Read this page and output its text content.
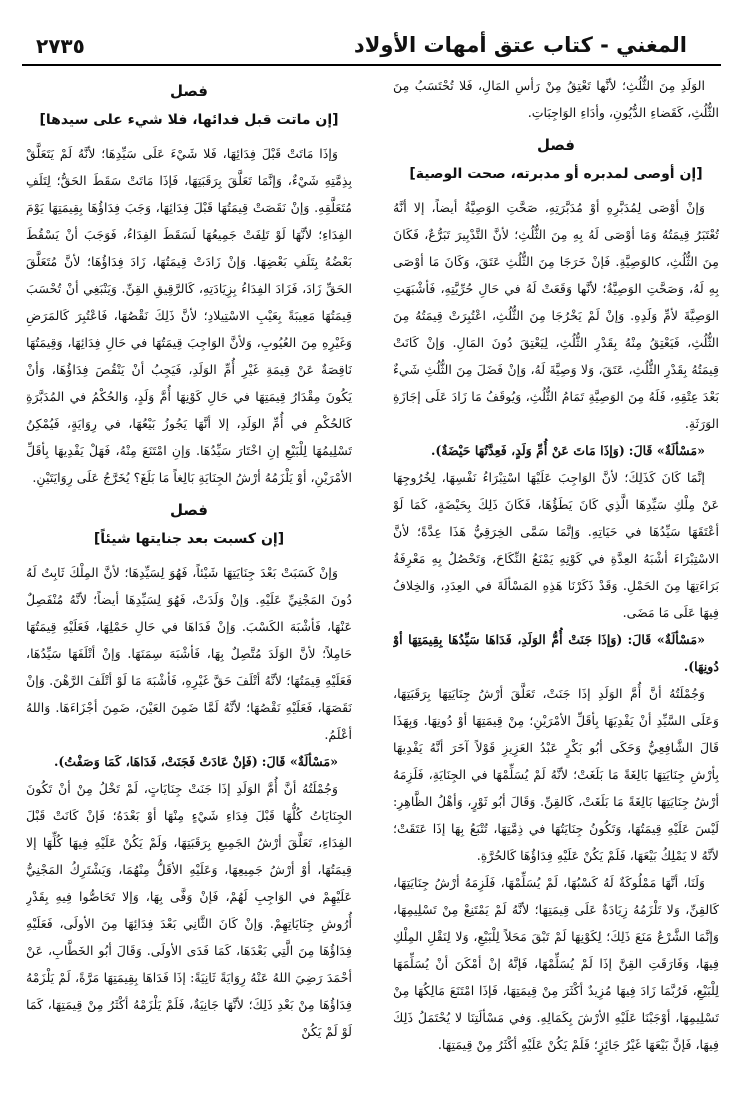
٢٧٣٥	المغني - كتاب عتق أمهات الأولاد

الوَلَدِ مِنَ الثُّلُثِ؛ لأنَّها تَعْتِقُ مِنْ رَأسِ المَالِ، فَلا تُحْتَسَبُ مِنَ الثُّلُثِ، كَقَضاءِ الدُّيُونِ، وأدَاءِ الوَاجِبَاتِ.

فصل
[إن أوصى لمدبره أو مدبرته، صحت الوصية]

وَإنْ أوْصَى لِمُدَبَّرِهِ أوْ مُدَبَّرَتِهِ، صَحَّتِ الوَصِيَّةُ أيضاً، إلا أنَّهُ تُعْتَبَرُ قِيمَتُهُ وَمَا أوْصَى لَهُ بِهِ مِنَ الثُّلُثِ؛ لأنَّ التَّدْبِيرَ تَبَرُّعٌ، فَكَانَ مِنَ الثُّلُثِ، كالوَصِيَّةِ. فَإنْ خَرَجَا مِنَ الثُّلُثِ عَتَقَ، وَكَانَ مَا أوْصَى بِهِ لَهُ، وَصَحَّتِ الوَصِيَّةُ؛ لأنَّها وَقَعَتْ لَهُ في حَالِ حُرِّيَّتِهِ، فَأشْبَهَتِ الوَصِيَّةَ لأمِّ وَلَدِهِ. وَإنْ لَمْ يَخْرُجَا مِنَ الثُّلُثِ، اعْتُبِرَتْ قِيمَتُهُ مِنَ الثُّلُثِ، فَيَعْتِقُ مِنْهُ بِقَدْرِ الثُّلُثِ، لِيَعْتِقَ دُونَ المَالِ. وَإنْ كَانَتْ قِيمَتُهُ بِقَدْرِ الثُّلُثِ، عَتَقَ، وَلا وَصِيَّةَ لَهُ، وَإنْ فَضَلَ مِنَ الثُّلُثِ شَيءٌ بَعْدَ عِتْقِهِ، فَلَهُ مِنَ الوَصِيَّةِ تَمَامُ الثُّلُثِ، وَيُوقَفُ مَا زَادَ عَلَى إجَازَةِ الوَرَثَةِ.

«مَسْألَةٌ» قَالَ: (وَإذَا مَاتَ عَنْ أُمِّ وَلَدٍ، فَعِدَّتُهَا حَيْضَةٌ).

إنَّمَا كَانَ كَذَلِكَ؛ لأنَّ الوَاجِبَ عَلَيْهَا اسْتِبْرَاءُ نَفْسِهَا، لِخُرُوجِهَا عَنْ مِلْكِ سَيِّدِهَا الَّذِي كَانَ يَطَؤُهَا، فَكَانَ ذَلِكَ بِحَيْضَةٍ، كَمَا لَوْ أعْتَقَهَا سَيِّدُهَا في حَيَاتِهِ. وَإنَّمَا سَمَّى الخِرَقِيُّ هَذَا عِدَّةً؛ لأنَّ الاسْتِبْرَاءَ أشْبَهُ العِدَّةِ في كَوْنِهِ يَمْنَعُ النِّكَاحَ، وَتَحْصُلُ بِهِ مَعْرِفَةُ بَرَاءَتِهَا مِنَ الحَمْلِ. وَقَدْ ذَكَرْنَا هَذِهِ المَسْألَةَ في العِدَدِ، وَالخِلافُ فِيهَا عَلَى مَا مَضَى.

«مَسْألَةٌ» قَالَ: (وَإذَا جَنَتْ أُمُّ الوَلَدِ، فَدَاهَا سَيِّدُهَا بِقِيمَتِهَا أوْ دُونِهَا).

وَجُمْلَتُهُ أنَّ أُمَّ الوَلَدِ إذَا جَنَتْ، تَعَلَّقَ أرْشُ جِنَايَتِهَا بِرَقَبَتِهَا، وَعَلَى السَّيِّدِ أنْ يَفْدِيَهَا بِأقَلِّ الأمْرَيْنِ؛ مِنْ قِيمَتِهَا أوْ دُونِهَا. وَبِهَذَا قَالَ الشَّافِعِيُّ وَحَكَى أبُو بَكْرٍ عَبْدُ العَزِيزِ قَوْلاً آخَرَ أنَّهُ يَفْدِيهَا بِأرْشِ جِنَايَتِهَا بَالِغَةً مَا بَلَغَتْ؛ لأنَّهُ لَمْ يُسَلِّمْهَا في الجِنَايَةِ، فَلَزِمَهُ أرْشُ جِنَايَتِهَا بَالِغَةً مَا بَلَغَتْ، كَالقِنِّ. وَقَالَ أبُو ثَوْرٍ، وَأهْلُ الظَّاهِرِ: لَيْسَ عَلَيْهِ قِيمَتُهَا، وَتَكُونُ جِنَايَتُهَا في ذِمَّتِهَا، تُتْبَعُ بِهَا إذَا عَتَقَتْ؛ لأنَّهُ لا يَمْلِكُ بَيْعَهَا، فَلَمْ يَكُنْ عَلَيْهِ فِدَاؤُهَا كَالحُرَّةِ.

وَلَنَا، أنَّهَا مَمْلُوكَةٌ لَهُ كَسْبُهَا، لَمْ يُسَلِّمْهَا، فَلَزِمَهُ أرْشُ جِنَايَتِهَا، كَالقِنِّ، وَلا تَلْزَمُهُ زِيَادَةٌ عَلَى قِيمَتِهَا؛ لأنَّهُ لَمْ يَمْتَنِعْ مِنْ تَسْلِيمِهَا، وَإنَّمَا الشَّرْعُ مَنَعَ ذَلِكَ؛ لِكَوْنِهَا لَمْ تَبْقَ مَحَلاً لِلْبَيْعِ، وَلا لِنَقْلِ المِلْكِ فِيهَا، وَفَارَقَتِ القِنَّ إذَا لَمْ يُسَلِّمْهَا، فَإنَّهُ إنْ أمْكَنَ أنْ يُسَلِّمَهَا لِلْبَيْعِ، فَرُبَّمَا زَادَ فِيهَا مُزِيدٌ أكْثَرَ مِنْ قِيمَتِهَا، فَإذَا امْتَنَعَ مَالِكُهَا مِنْ تَسْلِيمِهَا، أوْجَبْنَا عَلَيْهِ الأرْشَ بِكَمَالِهِ. وَفي مَسْألَتِنَا لا يُحْتَمَلُ ذَلِكَ فِيهَا، فَإنَّ بَيْعَهَا غَيْرُ جَائِزٍ؛ فَلَمْ يَكُنْ عَلَيْهِ أكْثَرُ مِنْ قِيمَتِهَا.

فصل
[إن ماتت قبل فدائها، فلا شيء على سيدها]

وَإذَا مَاتَتْ قَبْلَ فِدَائِهَا، فَلا شَيْءَ عَلَى سَيِّدِهَا؛ لأنَّهُ لَمْ يَتَعَلَّقْ بِذِمَّتِهِ شَيْءٌ، وَإنَّمَا تَعَلَّقَ بِرَقَبَتِهَا، فَإذَا مَاتَتْ سَقَطَ الحَقُّ؛ لِتَلَفِ مُتَعَلَّقِهِ. وَإنْ نَقَصَتْ قِيمَتُهَا قَبْلَ فِدَائِهَا، وَجَبَ فِدَاؤُهَا بِقِيمَتِهَا يَوْمَ الفِدَاءِ؛ لأنَّهَا لَوْ تَلِفَتْ جَمِيعُهَا لَسَقَطَ الفِدَاءُ، فَوَجَبَ أنْ يَسْقُطَ بَعْضُهُ بِتَلَفِ بَعْضِهَا. وَإنْ زَادَتْ قِيمَتُهَا، زَادَ فِدَاؤُهَا؛ لأنَّ مُتَعَلَّقَ الحَقِّ زَادَ، فَزَادَ الفِدَاءُ بِزِيَادَتِهِ، كَالرَّقِيقِ القِنِّ. وَيَنْبَغِي أنْ تُحْسَبَ قِيمَتُهَا مَعِيبَةً بِعَيْبِ الاسْتِيلادِ؛ لأنَّ ذَلِكَ نَقْصُهَا، فَاعْتُبِرَ كَالمَرَضِ وَغَيْرِهِ مِنَ العُيُوبِ، وَلأنَّ الوَاجِبَ قِيمَتُهَا في حَالِ فِدَائِهَا، وَقِيمَتُهَا نَاقِصَةٌ عَنْ قِيمَةِ غَيْرِ أُمِّ الوَلَدِ، فَيَجِبُ أنْ يَنْقُصَ فِدَاؤُهَا، وَأنْ يَكُونَ مِقْدَارُ قِيمَتِهَا في حَالِ كَوْنِهَا أُمَّ وَلَدٍ، وَالحُكْمُ في المُدَبَّرَةِ كَالحُكْمِ في أُمِّ الوَلَدِ، إلا أنَّهَا يَجُوزُ بَيْعُهَا، في رِوَايَةٍ، فَيُمْكِنُ تَسْلِيمُهَا لِلْبَيْعِ إنِ اخْتَارَ سَيِّدُهَا. وَإنِ امْتَنَعَ مِنْهُ، فَهَلْ يَفْدِيهَا بِأقَلِّ الأمْرَيْنِ، أوْ يَلْزَمُهُ أرْشُ الجِنَايَةِ بَالِغاً مَا بَلَغَ؟ يُخَرَّجُ عَلَى رِوَايَتَيْنِ.

فصل
[إن كسبت بعد جنايتها شيئاً]

وَإنْ كَسَبَتْ بَعْدَ جِنَايَتِهَا شَيْئاً، فَهُوَ لِسَيِّدِهَا؛ لأنَّ المِلْكَ ثَابِتٌ لَهُ دُونَ المَجْنِيِّ عَلَيْهِ. وَإنْ وَلَدَتْ، فَهُوَ لِسَيِّدِهَا أيضاً؛ لأنَّهُ مُنْفَصِلٌ عَنْهَا، فَأشْبَهَ الكَسْبَ. وَإنْ فَدَاهَا في حَالِ حَمْلِهَا، فَعَلَيْهِ قِيمَتُهَا حَامِلاً؛ لأنَّ الوَلَدَ مُتَّصِلٌ بِهَا، فَأشْبَهَ سِمَنَهَا. وَإنْ أتْلَفَهَا سَيِّدُهَا، فَعَلَيْهِ قِيمَتُهَا؛ لأنَّهُ أتْلَفَ حَقَّ غَيْرِهِ، فَأشْبَهَ مَا لَوْ أتْلَفَ الرَّهْنَ. وَإنْ نَقَصَهَا، فَعَلَيْهِ نَقْصُهَا؛ لأنَّهُ لَمَّا ضَمِنَ العَيْنَ، ضَمِنَ أجْزَاءَهَا. وَاللهُ أعْلَمُ.

«مَسْألَةٌ» قَالَ: (فَإنْ عَادَتْ فَجَنَتْ، فَدَاهَا، كَمَا وَصَفْتُ).

وَجُمْلَتُهُ أنَّ أُمَّ الوَلَدِ إذَا جَنَتْ جِنَايَاتٍ، لَمْ تَخْلُ مِنْ أنْ تَكُونَ الجِنَايَاتُ كُلُّهَا قَبْلَ فِدَاءِ شَيْءٍ مِنْهَا أوْ بَعْدَهُ؛ فَإنْ كَانَتْ قَبْلَ الفِدَاءِ، تَعَلَّقَ أرْشُ الجَمِيعِ بِرَقَبَتِهَا، وَلَمْ يَكُنْ عَلَيْهِ فِيهَا كُلِّهَا إلا قِيمَتُهَا، أوْ أرْشُ جَمِيعِهَا، وَعَلَيْهِ الأقَلُّ مِنْهُمَا، وَيَشْتَرِكُ المَجْنِيُّ عَلَيْهِمْ في الوَاجِبِ لَهُمْ، فَإنْ وَفَّى بِهَا، وَإلا تَحَاصُّوا فِيهِ بِقَدْرِ أُرُوشِ جِنَايَاتِهِمْ. وَإنْ كَانَ الثَّانِي بَعْدَ فِدَائِهَا مِنَ الأولَى، فَعَلَيْهِ فِدَاؤُهَا مِنَ الَّتِي بَعْدَهَا، كَمَا فَدَى الأولَى. وَقَالَ أبُو الخَطَّابِ، عَنْ أحْمَدَ رَضِيَ اللهُ عَنْهُ رِوَايَةً ثَانِيَةً: إذَا فَدَاهَا بِقِيمَتِهَا مَرَّةً، لَمْ يَلْزَمْهُ فِدَاؤُهَا مِنْ بَعْدِ ذَلِكَ؛ لأنَّهَا جَانِيَةٌ، فَلَمْ يَلْزَمْهُ أكْثَرُ مِنْ قِيمَتِهَا، كَمَا لَوْ لَمْ يَكُنْ
